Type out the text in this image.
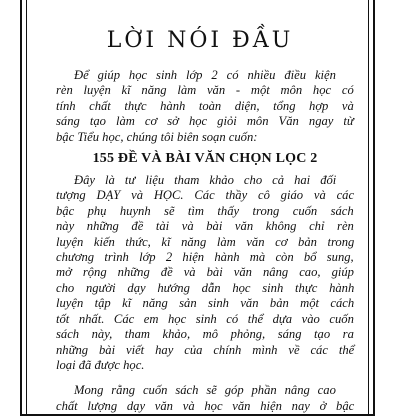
LỜI NÓI ĐẦU

Để giúp học sinh lớp 2 có nhiều điều kiện
rèn luyện kĩ năng làm văn - một môn học có
tính chất thực hành toàn diện, tổng hợp và
sáng tạo làm cơ sở học giỏi môn Văn ngay từ
bậc Tiểu học, chúng tôi biên soạn cuốn:

155 ĐỀ VÀ BÀI VĂN CHỌN LỌC 2

Đây là tư liệu tham khảo cho cả hai đối
tượng DẠY và HỌC. Các thầy cô giáo và các
bậc phụ huynh sẽ tìm thấy trong cuốn sách
này những đề tài và bài văn không chỉ rèn
luyện kiến thức, kĩ năng làm văn cơ bản trong
chương trình lớp 2 hiện hành mà còn bổ sung,
mở rộng những đề và bài văn nâng cao, giúp
cho người dạy hướng dẫn học sinh thực hành
luyện tập kĩ năng sản sinh văn bản một cách
tốt nhất. Các em học sinh có thể dựa vào cuốn
sách này, tham khảo, mô phỏng, sáng tạo ra
những bài viết hay của chính mình về các thể
loại đã được học.

Mong rằng cuốn sách sẽ góp phần nâng cao
chất lượng dạy văn và học văn hiện nay ở bậc
